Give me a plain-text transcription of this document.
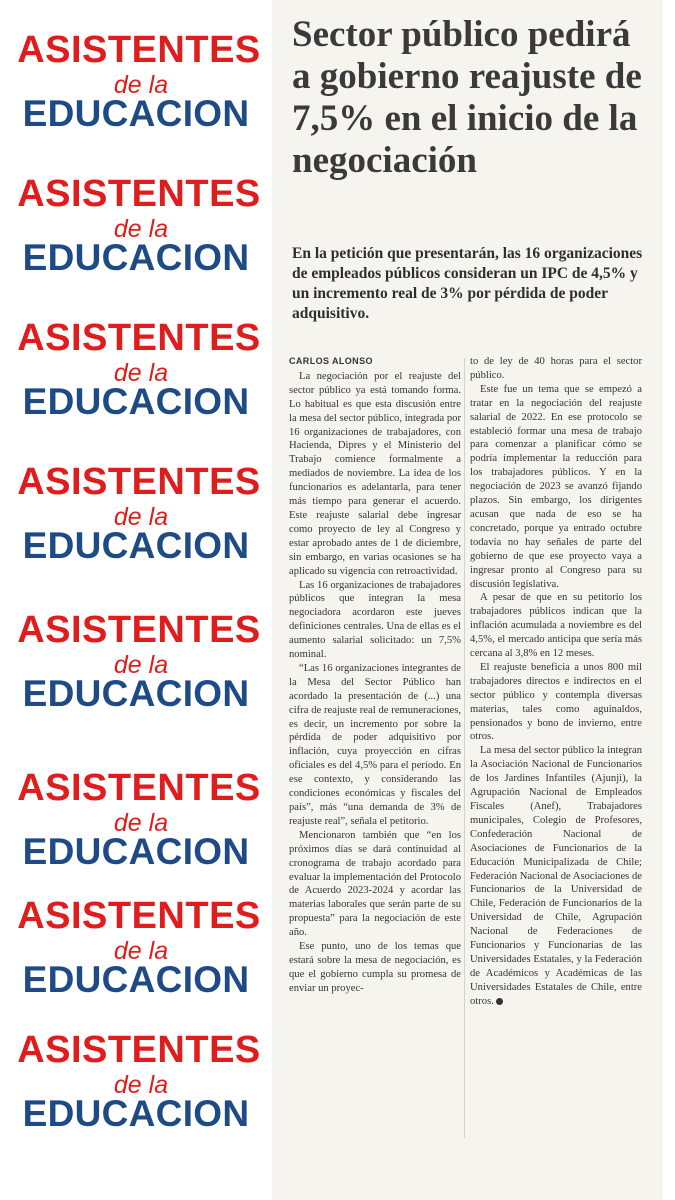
ASISTENTES
de la
EDUCACION
ASISTENTES
de la
EDUCACION
ASISTENTES
de la
EDUCACION
ASISTENTES
de la
EDUCACION
ASISTENTES
de la
EDUCACION
ASISTENTES
de la
EDUCACION
ASISTENTES
de la
EDUCACION
ASISTENTES
de la
EDUCACION
Sector público pedirá a gobierno reajuste de 7,5% en el inicio de la negociación

En la petición que presentarán, las 16 organizaciones de empleados públicos consideran un IPC de 4,5% y un incremento real de 3% por pérdida de poder adquisitivo.

CARLOS ALONSO

La negociación por el reajuste del sector público ya está tomando forma. Lo habitual es que esta discusión entre la mesa del sector público, integrada por 16 organizaciones de trabajadores, con Hacienda, Dipres y el Ministerio del Trabajo comience formalmente a mediados de noviembre. La idea de los funcionarios es adelantarla, para tener más tiempo para generar el acuerdo. Este reajuste salarial debe ingresar como proyecto de ley al Congreso y estar aprobado antes de 1 de diciembre, sin embargo, en varias ocasiones se ha aplicado su vigencia con retroactividad.

Las 16 organizaciones de trabajadores públicos que integran la mesa negociadora acordaron este jueves definiciones centrales. Una de ellas es el aumento salarial solicitado: un 7,5% nominal.

“Las 16 organizaciones integrantes de la Mesa del Sector Público han acordado la presentación de (...) una cifra de reajuste real de remuneraciones, es decir, un incremento por sobre la pérdida de poder adquisitivo por inflación, cuya proyección en cifras oficiales es del 4,5% para el período. En ese contexto, y considerando las condiciones económicas y fiscales del país”, más “una demanda de 3% de reajuste real”, señala el petitorio.

Mencionaron también que “en los próximos días se dará continuidad al cronograma de trabajo acordado para evaluar la implementación del Protocolo de Acuerdo 2023-2024 y acordar las materias laborales que serán parte de su propuesta” para la negociación de este año.

Ese punto, uno de los temas que estará sobre la mesa de negociación, es que el gobierno cumpla su promesa de enviar un proyec-

to de ley de 40 horas para el sector público.

Este fue un tema que se empezó a tratar en la negociación del reajuste salarial de 2022. En ese protocolo se estableció formar una mesa de trabajo para comenzar a planificar cómo se podría implementar la reducción para los trabajadores públicos. Y en la negociación de 2023 se avanzó fijando plazos. Sin embargo, los dirigentes acusan que nada de eso se ha concretado, porque ya entrado octubre todavía no hay señales de parte del gobierno de que ese proyecto vaya a ingresar pronto al Congreso para su discusión legislativa.

A pesar de que en su petitorio los trabajadores públicos indican que la inflación acumulada a noviembre es del 4,5%, el mercado anticipa que sería más cercana al 3,8% en 12 meses.

El reajuste beneficia a unos 800 mil trabajadores directos e indirectos en el sector público y contempla diversas materias, tales como aguinaldos, pensionados y bono de invierno, entre otros.

La mesa del sector público la integran la Asociación Nacional de Funcionarios de los Jardines Infantiles (Ajunji), la Agrupación Nacional de Empleados Fiscales (Anef), Trabajadores municipales, Colegio de Profesores, Confederación Nacional de Asociaciones de Funcionarios de la Educación Municipalizada de Chile; Federación Nacional de Asociaciones de Funcionarios de la Universidad de Chile, Federación de Funcionarios de la Universidad de Chile, Agrupación Nacional de Federaciones de Funcionarios y Funcionarias de las Universidades Estatales, y la Federación de Académicos y Académicas de las Universidades Estatales de Chile, entre otros.
